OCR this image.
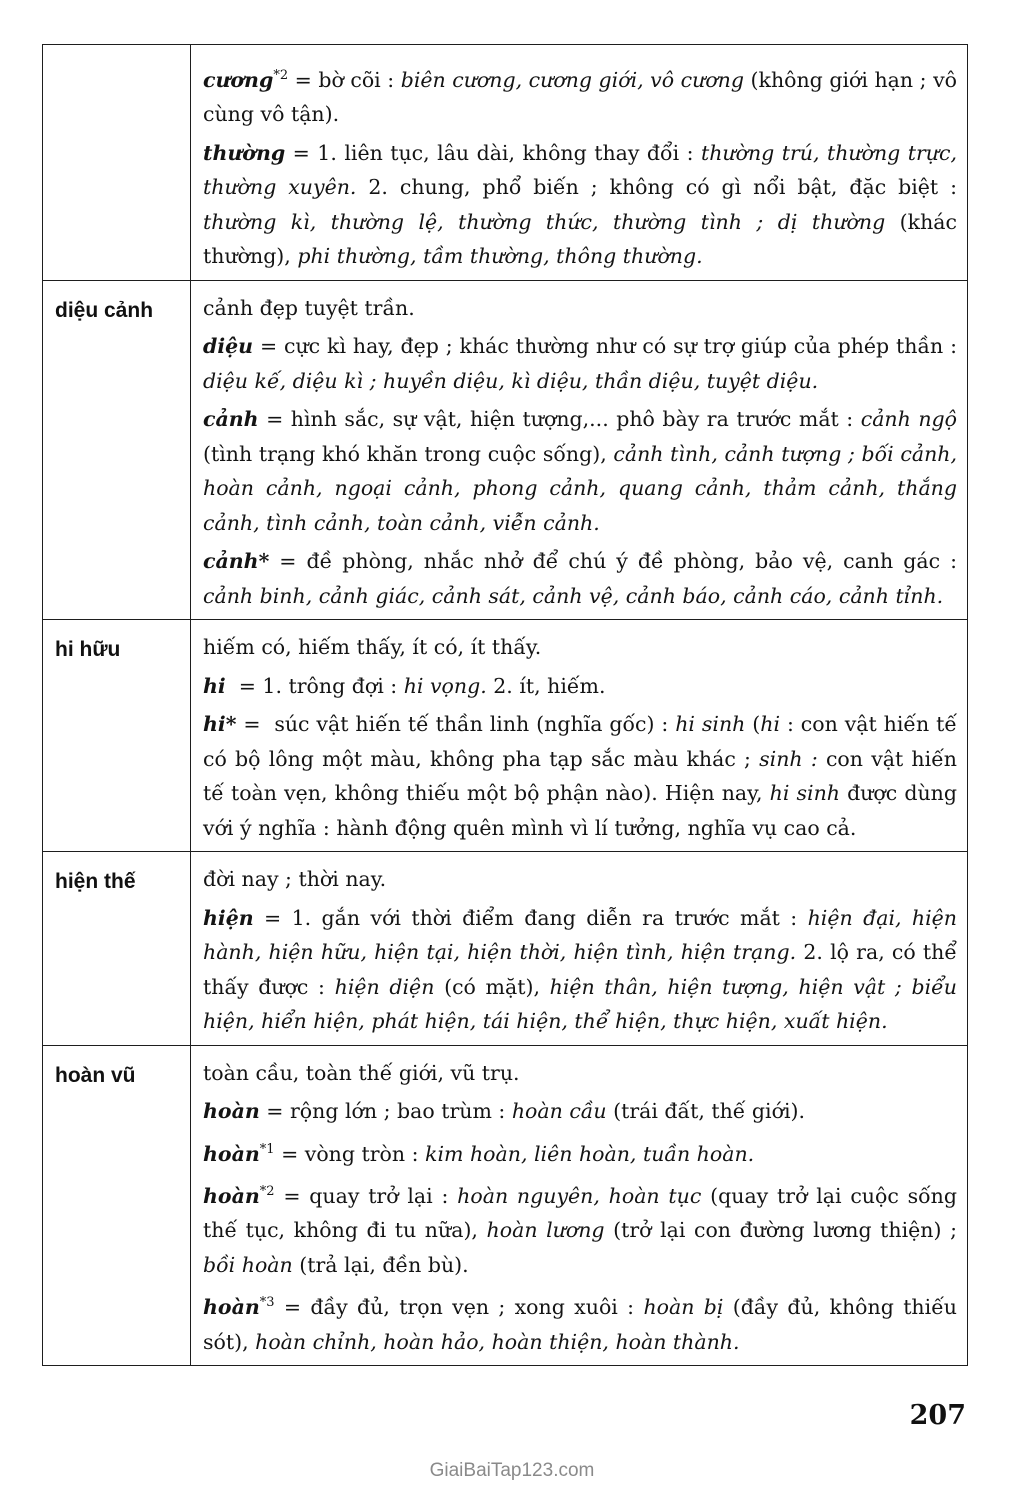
	cương$^{*2}$ = bờ cõi : biên cương, cương giới, vô cương (không giới hạn ; vô cùng vô tận).

thường = 1. liên tục, lâu dài, không thay đổi : thường trú, thường trực, thường xuyên. 2. chung, phổ biến ; không có gì nổi bật, đặc biệt : thường kì, thường lệ, thường thức, thường tình ; dị thường (khác thường), phi thường, tầm thường, thông thường.

diệu cảnh	cảnh đẹp tuyệt trần.

diệu = cực kì hay, đẹp ; khác thường như có sự trợ giúp của phép thần : diệu kế, diệu kì ; huyền diệu, kì diệu, thần diệu, tuyệt diệu.

cảnh = hình sắc, sự vật, hiện tượng,... phô bày ra trước mắt : cảnh ngộ (tình trạng khó khăn trong cuộc sống), cảnh tình, cảnh tượng ; bối cảnh, hoàn cảnh, ngoại cảnh, phong cảnh, quang cảnh, thảm cảnh, thắng cảnh, tình cảnh, toàn cảnh, viễn cảnh.

cảnh* = đề phòng, nhắc nhở để chú ý đề phòng, bảo vệ, canh gác : cảnh binh, cảnh giác, cảnh sát, cảnh vệ, cảnh báo, cảnh cáo, cảnh tỉnh.

hi hữu	hiếm có, hiếm thấy, ít có, ít thấy.

hi  = 1. trông đợi : hi vọng. 2. ít, hiếm.

hi* =  súc vật hiến tế thần linh (nghĩa gốc) : hi sinh (hi : con vật hiến tế có bộ lông một màu, không pha tạp sắc màu khác ; sinh : con vật hiến tế toàn vẹn, không thiếu một bộ phận nào). Hiện nay, hi sinh được dùng với ý nghĩa : hành động quên mình vì lí tưởng, nghĩa vụ cao cả.

hiện thế	đời nay ; thời nay.

hiện = 1. gắn với thời điểm đang diễn ra trước mắt : hiện đại, hiện hành, hiện hữu, hiện tại, hiện thời, hiện tình, hiện trạng. 2. lộ ra, có thể thấy được : hiện diện (có mặt), hiện thân, hiện tượng, hiện vật ; biểu hiện, hiển hiện, phát hiện, tái hiện, thể hiện, thực hiện, xuất hiện.

hoàn vũ	toàn cầu, toàn thế giới, vũ trụ.

hoàn = rộng lớn ; bao trùm : hoàn cầu (trái đất, thế giới).

hoàn$^{*1}$ = vòng tròn : kim hoàn, liên hoàn, tuần hoàn.

hoàn$^{*2}$ = quay trở lại : hoàn nguyên, hoàn tục (quay trở lại cuộc sống thế tục, không đi tu nữa), hoàn lương (trở lại con đường lương thiện) ; bồi hoàn (trả lại, đền bù).

hoàn$^{*3}$ = đầy đủ, trọn vẹn ; xong xuôi : hoàn bị (đầy đủ, không thiếu sót), hoàn chỉnh, hoàn hảo, hoàn thiện, hoàn thành.

207
GiaiBaiTap123.com
